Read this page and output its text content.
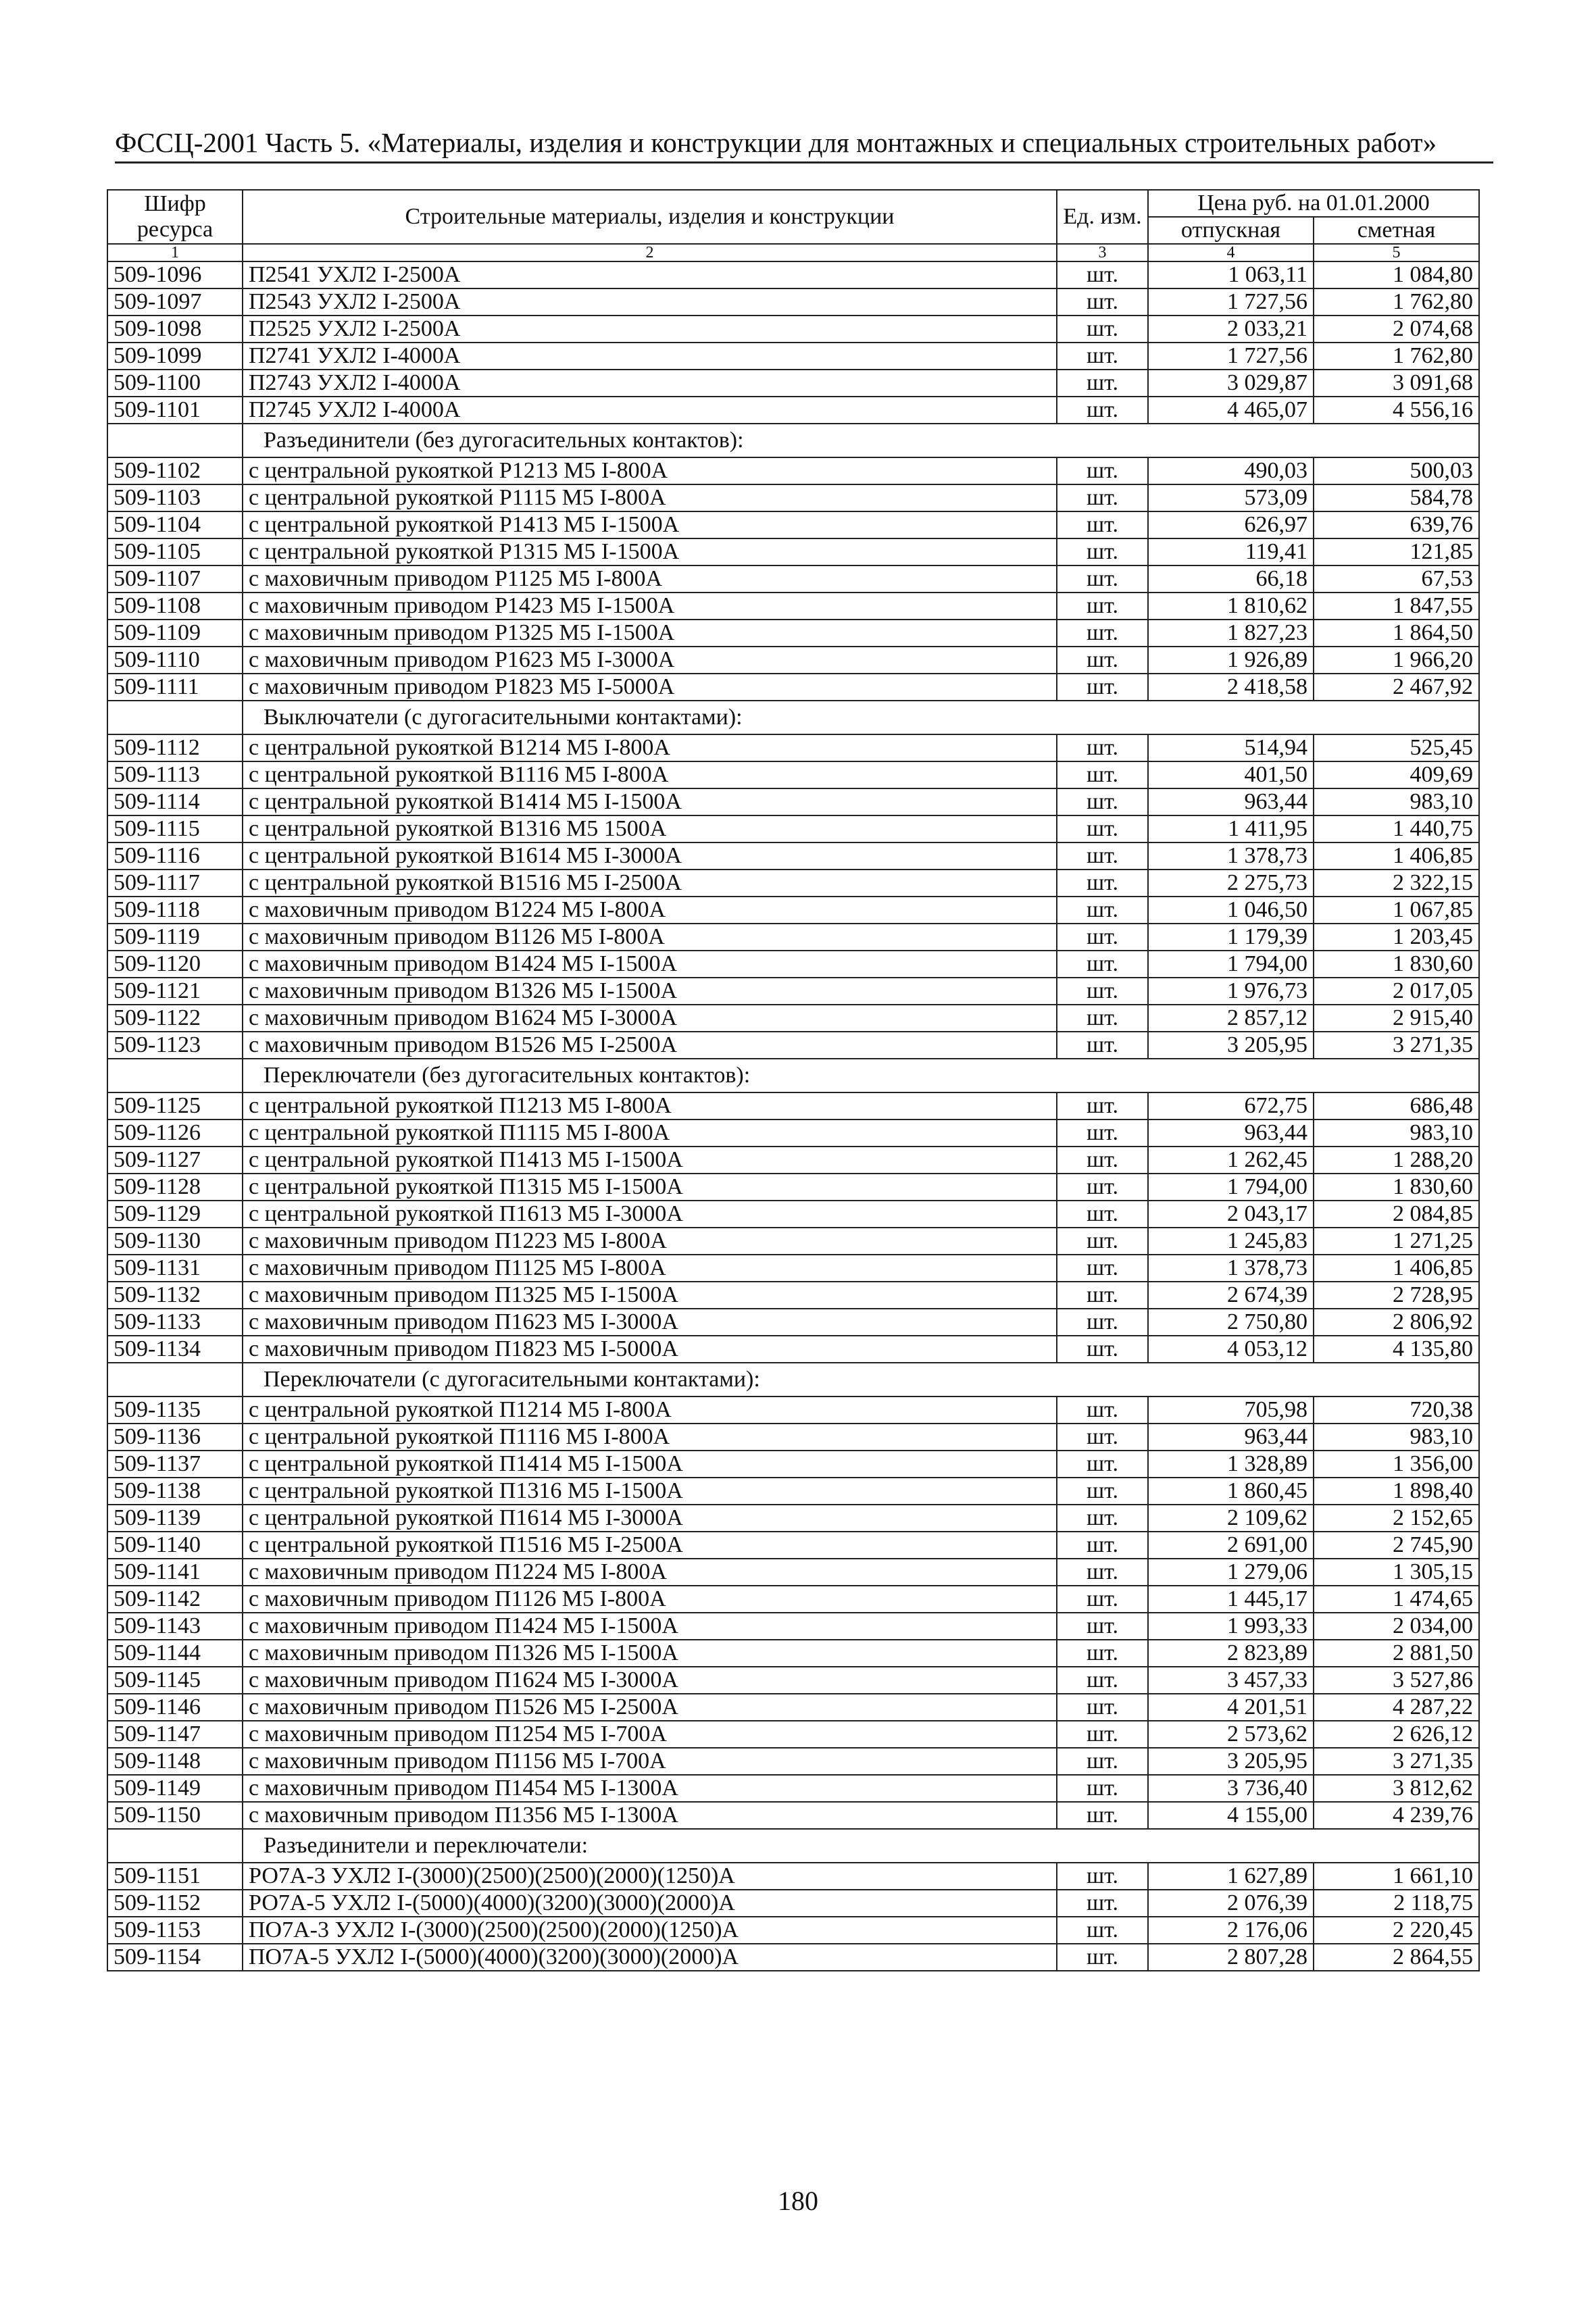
ФССЦ-2001 Часть 5. «Материалы, изделия и конструкции для монтажных и специальных строительных работ»
Шифр ресурса	Строительные материалы, изделия и конструкции	Ед. изм.	Цена руб. на 01.01.2000	
			отпускная	сметная
1	2	3	4	5
509-1096	П2541 УХЛ2 I-2500А	шт.	1 063,11	1 084,80
509-1097	П2543 УХЛ2 I-2500А	шт.	1 727,56	1 762,80
509-1098	П2525 УХЛ2 I-2500А	шт.	2 033,21	2 074,68
509-1099	П2741 УХЛ2 I-4000А	шт.	1 727,56	1 762,80
509-1100	П2743 УХЛ2 I-4000А	шт.	3 029,87	3 091,68
509-1101	П2745 УХЛ2 I-4000А	шт.	4 465,07	4 556,16
	Разъединители (без дугогасительных контактов):			
509-1102	с центральной рукояткой Р1213 М5 I-800А	шт.	490,03	500,03
509-1103	с центральной рукояткой Р1115 М5 I-800А	шт.	573,09	584,78
509-1104	с центральной рукояткой Р1413 М5 I-1500А	шт.	626,97	639,76
509-1105	с центральной рукояткой Р1315 М5 I-1500А	шт.	119,41	121,85
509-1107	с маховичным приводом Р1125 М5 I-800А	шт.	66,18	67,53
509-1108	с маховичным приводом Р1423 М5 I-1500А	шт.	1 810,62	1 847,55
509-1109	с маховичным приводом Р1325 М5 I-1500А	шт.	1 827,23	1 864,50
509-1110	с маховичным приводом Р1623 М5 I-3000А	шт.	1 926,89	1 966,20
509-1111	с маховичным приводом Р1823 М5 I-5000А	шт.	2 418,58	2 467,92
	Выключатели (с дугогасительными контактами):			
509-1112	с центральной рукояткой В1214 М5 I-800А	шт.	514,94	525,45
509-1113	с центральной рукояткой В1116 М5 I-800А	шт.	401,50	409,69
509-1114	с центральной рукояткой В1414 М5 I-1500А	шт.	963,44	983,10
509-1115	с центральной рукояткой В1316 М5 1500А	шт.	1 411,95	1 440,75
509-1116	с центральной рукояткой В1614 М5 I-3000А	шт.	1 378,73	1 406,85
509-1117	с центральной рукояткой В1516 М5 I-2500А	шт.	2 275,73	2 322,15
509-1118	с маховичным приводом В1224 М5 I-800А	шт.	1 046,50	1 067,85
509-1119	с маховичным приводом В1126 М5 I-800А	шт.	1 179,39	1 203,45
509-1120	с маховичным приводом В1424 М5 I-1500А	шт.	1 794,00	1 830,60
509-1121	с маховичным приводом В1326 М5 I-1500А	шт.	1 976,73	2 017,05
509-1122	с маховичным приводом В1624 М5 I-3000А	шт.	2 857,12	2 915,40
509-1123	с маховичным приводом В1526 М5 I-2500А	шт.	3 205,95	3 271,35
	Переключатели (без дугогасительных контактов):			
509-1125	с центральной рукояткой П1213 М5 I-800А	шт.	672,75	686,48
509-1126	с центральной рукояткой П1115 М5 I-800А	шт.	963,44	983,10
509-1127	с центральной рукояткой П1413 М5 I-1500А	шт.	1 262,45	1 288,20
509-1128	с центральной рукояткой П1315 М5 I-1500А	шт.	1 794,00	1 830,60
509-1129	с центральной рукояткой П1613 М5 I-3000А	шт.	2 043,17	2 084,85
509-1130	с маховичным приводом П1223 М5 I-800А	шт.	1 245,83	1 271,25
509-1131	с маховичным приводом П1125 М5 I-800А	шт.	1 378,73	1 406,85
509-1132	с маховичным приводом П1325 М5 I-1500А	шт.	2 674,39	2 728,95
509-1133	с маховичным приводом П1623 М5 I-3000А	шт.	2 750,80	2 806,92
509-1134	с маховичным приводом П1823 М5 I-5000А	шт.	4 053,12	4 135,80
	Переключатели (с дугогасительными контактами):			
509-1135	с центральной рукояткой П1214 М5 I-800А	шт.	705,98	720,38
509-1136	с центральной рукояткой П1116 М5 I-800А	шт.	963,44	983,10
509-1137	с центральной рукояткой П1414 М5 I-1500А	шт.	1 328,89	1 356,00
509-1138	с центральной рукояткой П1316 М5 I-1500А	шт.	1 860,45	1 898,40
509-1139	с центральной рукояткой П1614 М5 I-3000А	шт.	2 109,62	2 152,65
509-1140	с центральной рукояткой П1516 М5 I-2500А	шт.	2 691,00	2 745,90
509-1141	с маховичным приводом П1224 М5 I-800А	шт.	1 279,06	1 305,15
509-1142	с маховичным приводом П1126 М5 I-800А	шт.	1 445,17	1 474,65
509-1143	с маховичным приводом П1424 М5 I-1500А	шт.	1 993,33	2 034,00
509-1144	с маховичным приводом П1326 М5 I-1500А	шт.	2 823,89	2 881,50
509-1145	с маховичным приводом П1624 М5 I-3000А	шт.	3 457,33	3 527,86
509-1146	с маховичным приводом П1526 М5 I-2500А	шт.	4 201,51	4 287,22
509-1147	с маховичным приводом П1254 М5 I-700А	шт.	2 573,62	2 626,12
509-1148	с маховичным приводом П1156 М5 I-700А	шт.	3 205,95	3 271,35
509-1149	с маховичным приводом П1454 М5 I-1300А	шт.	3 736,40	3 812,62
509-1150	с маховичным приводом П1356 М5 I-1300А	шт.	4 155,00	4 239,76
	Разъединители и переключатели:			
509-1151	РО7А-3 УХЛ2 I-(3000)(2500)(2500)(2000)(1250)А	шт.	1 627,89	1 661,10
509-1152	РО7А-5 УХЛ2 I-(5000)(4000)(3200)(3000)(2000)А	шт.	2 076,39	2 118,75
509-1153	ПО7А-3 УХЛ2 I-(3000)(2500)(2500)(2000)(1250)А	шт.	2 176,06	2 220,45
509-1154	ПО7А-5 УХЛ2 I-(5000)(4000)(3200)(3000)(2000)А	шт.	2 807,28	2 864,55
180
